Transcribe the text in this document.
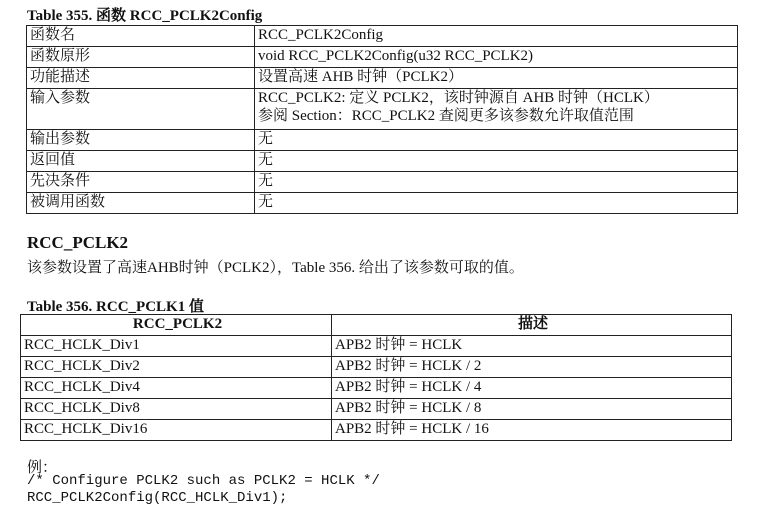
Table 355. 函数 RCC_PCLK2Config
函数名	RCC_PCLK2Config
函数原形	void RCC_PCLK2Config(u32 RCC_PCLK2)
功能描述	设置高速 AHB 时钟（PCLK2）
输入参数	RCC_PCLK2: 定义 PCLK2，该时钟源自 AHB 时钟（HCLK）
参阅 Section：RCC_PCLK2 查阅更多该参数允许取值范围

输出参数	无
返回值	无
先决条件	无
被调用函数	无
RCC_PCLK2
该参数设置了高速AHB时钟（PCLK2），Table 356. 给出了该参数可取的值。
Table 356. RCC_PCLK1 值
RCC_PCLK2	描述
RCC_HCLK_Div1	APB2 时钟 = HCLK
RCC_HCLK_Div2	APB2 时钟 = HCLK / 2
RCC_HCLK_Div4	APB2 时钟 = HCLK / 4
RCC_HCLK_Div8	APB2 时钟 = HCLK / 8
RCC_HCLK_Div16	APB2 时钟 = HCLK / 16
例：
/* Configure PCLK2 such as PCLK2 = HCLK */
RCC_PCLK2Config(RCC_HCLK_Div1);
